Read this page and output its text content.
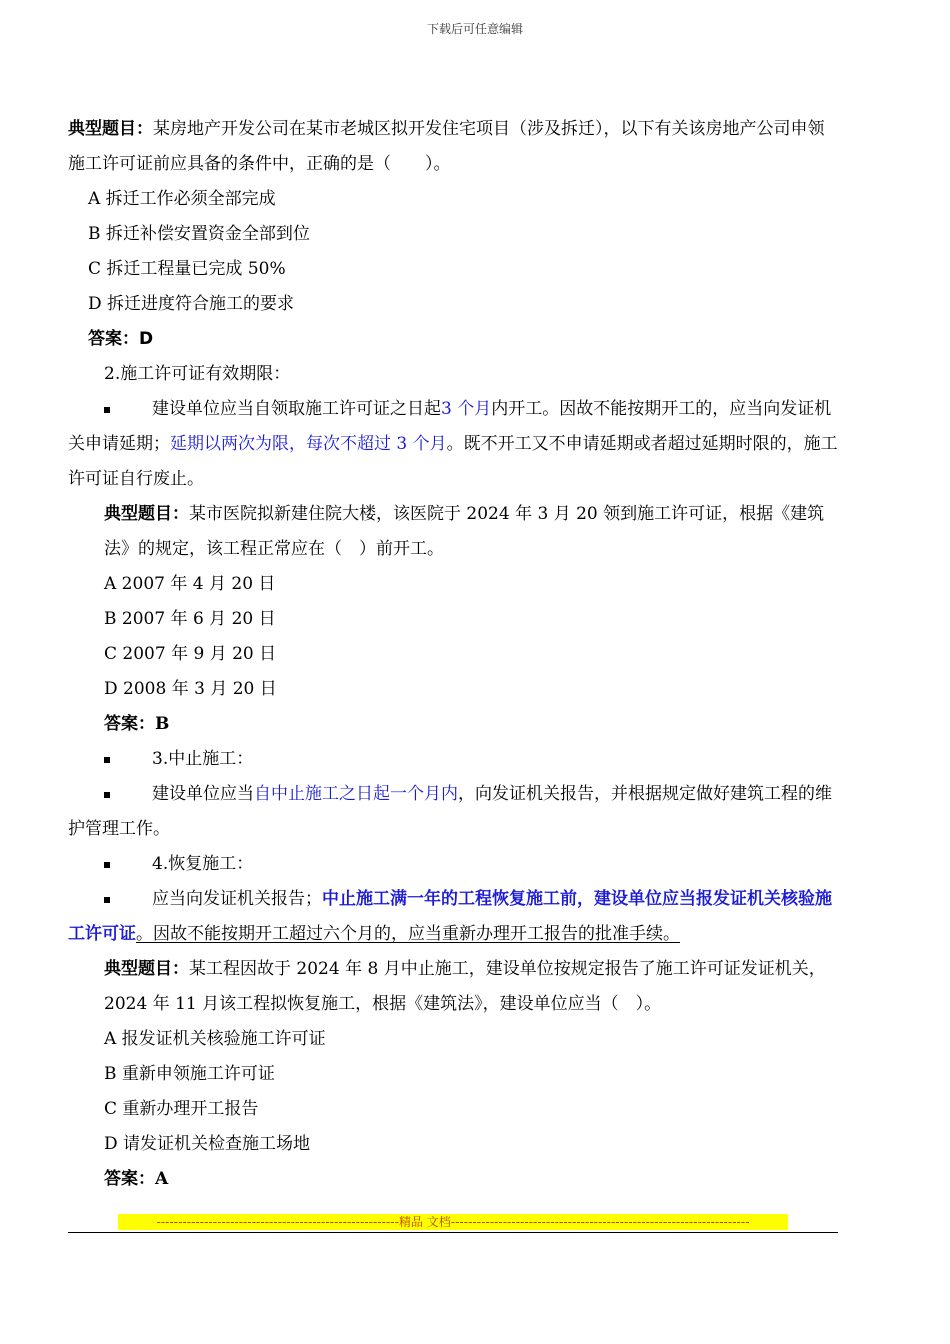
下载后可任意编辑

典型题目：某房地产开发公司在某市老城区拟开发住宅项目（涉及拆迁），以下有关该房地产公司申领施工许可证前应具备的条件中，正确的是（　　）。

A 拆迁工作必须全部完成

B 拆迁补偿安置资金全部到位

C 拆迁工程量已完成 50%

D 拆迁进度符合施工的要求

答案：D

2.施工许可证有效期限：

建设单位应当自领取施工许可证之日起3 个月内开工。因故不能按期开工的，应当向发证机关申请延期；延期以两次为限，每次不超过 3 个月。既不开工又不申请延期或者超过延期时限的，施工许可证自行废止。

典型题目：某市医院拟新建住院大楼，该医院于 2024 年 3 月 20 领到施工许可证，根据《建筑法》的规定，该工程正常应在（　）前开工。

A 2007 年 4 月 20 日

B 2007 年 6 月 20 日

C 2007 年 9 月 20 日

D 2008 年 3 月 20 日

答案：B

3.中止施工：

建设单位应当自中止施工之日起一个月内，向发证机关报告，并根据规定做好建筑工程的维护管理工作。

4.恢复施工：

应当向发证机关报告；中止施工满一年的工程恢复施工前，建设单位应当报发证机关核验施工许可证。因故不能按期开工超过六个月的，应当重新办理开工报告的批准手续。

典型题目：某工程因故于 2024 年 8 月中止施工，建设单位按规定报告了施工许可证发证机关，2024 年 11 月该工程拟恢复施工，根据《建筑法》，建设单位应当（　）。

A 报发证机关核验施工许可证

B 重新申领施工许可证

C 重新办理开工报告

D 请发证机关检查施工场地

答案：A

--------------------------------------------------------精品 文档---------------------------------------------------------------------
